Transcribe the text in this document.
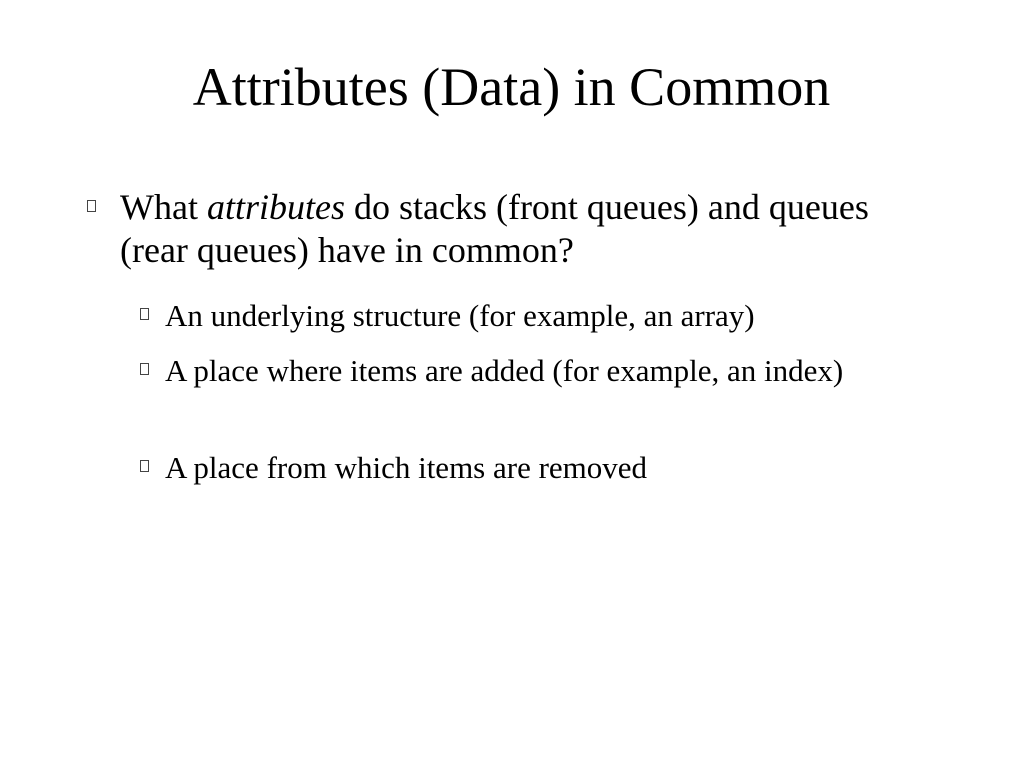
Attributes (Data) in Common
What attributes do stacks (front queues) and queues (rear queues) have in common?
An underlying structure (for example, an array)
A place where items are added (for example, an index)
A place from which items are removed
